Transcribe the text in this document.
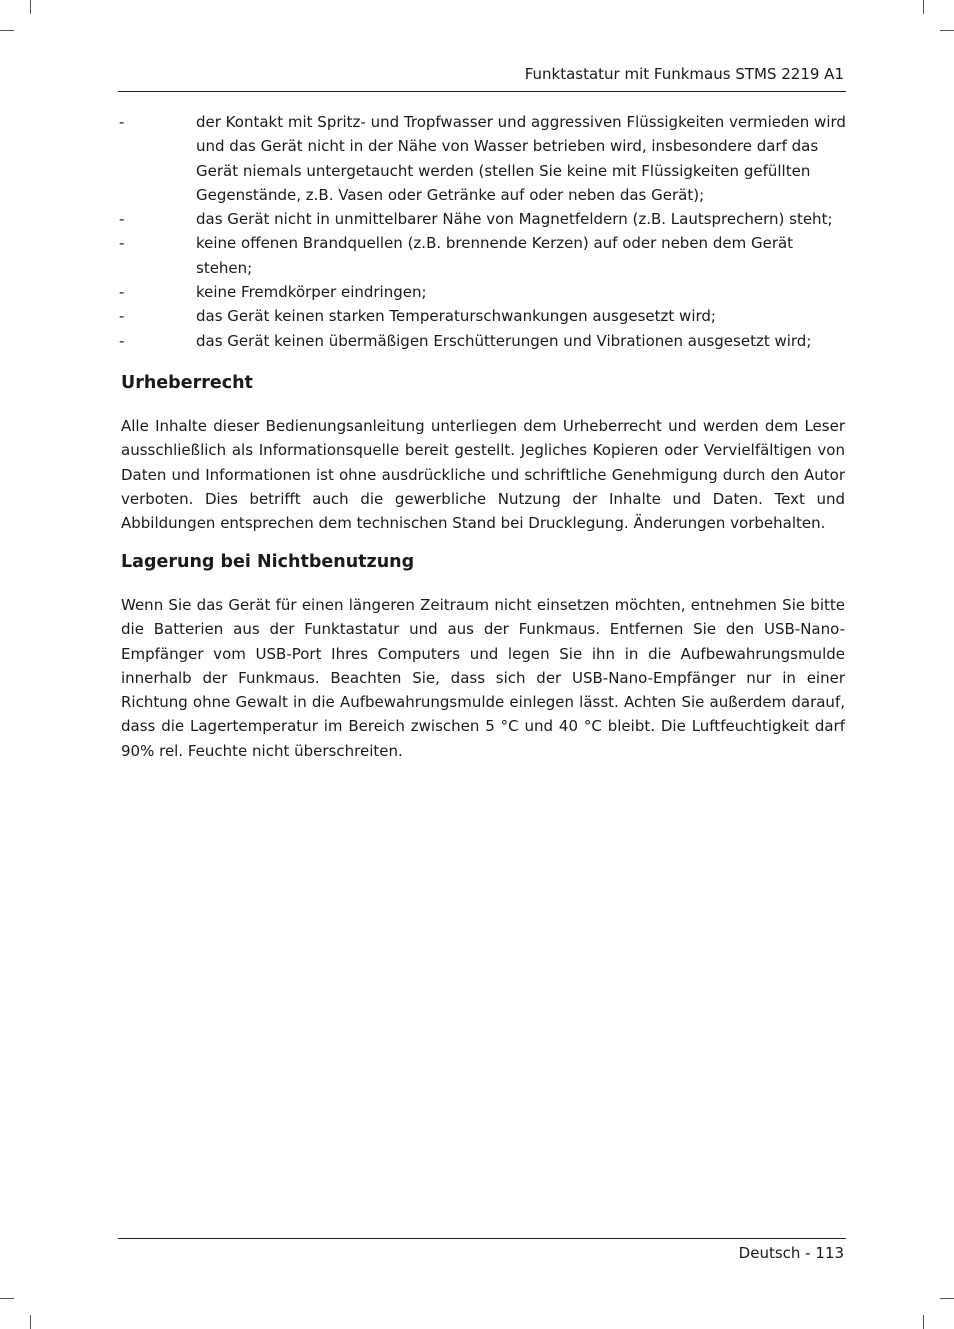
Funktastatur mit Funkmaus STMS 2219 A1
-	der Kontakt mit Spritz- und Tropfwasser und aggressiven Flüssigkeiten vermieden wird und das Gerät nicht in der Nähe von Wasser betrieben wird, insbesondere darf das Gerät niemals untergetaucht werden (stellen Sie keine mit Flüssigkeiten gefüllten Gegenstände, z.B. Vasen oder Getränke auf oder neben das Gerät);
-	das Gerät nicht in unmittelbarer Nähe von Magnetfeldern (z.B. Lautsprechern) steht;
-	keine offenen Brandquellen (z.B. brennende Kerzen) auf oder neben dem Gerät stehen;
-	keine Fremdkörper eindringen;
-	das Gerät keinen starken Temperaturschwankungen ausgesetzt wird;
-	das Gerät keinen übermäßigen Erschütterungen und Vibrationen ausgesetzt wird;
Urheberrecht

Alle Inhalte dieser Bedienungsanleitung unterliegen dem Urheberrecht und werden dem Leser ausschließlich als Informationsquelle bereit gestellt. Jegliches Kopieren oder Vervielfältigen von Daten und Informationen ist ohne ausdrückliche und schriftliche Genehmigung durch den Autor verboten. Dies betrifft auch die gewerbliche Nutzung der Inhalte und Daten. Text und Abbildungen entsprechen dem technischen Stand bei Drucklegung. Änderungen vorbehalten.

Lagerung bei Nichtbenutzung

Wenn Sie das Gerät für einen längeren Zeitraum nicht einsetzen möchten, entnehmen Sie bitte die Batterien aus der Funktastatur und aus der Funkmaus. Entfernen Sie den USB-Nano-Empfänger vom USB-Port Ihres Computers und legen Sie ihn in die Aufbewahrungsmulde innerhalb der Funkmaus. Beachten Sie, dass sich der USB-Nano-Empfänger nur in einer Richtung ohne Gewalt in die Aufbewahrungsmulde einlegen lässt. Achten Sie außerdem darauf, dass die Lagertemperatur im Bereich zwischen 5 °C und 40 °C bleibt. Die Luftfeuchtigkeit darf 90% rel. Feuchte nicht überschreiten.

Deutsch - 113
